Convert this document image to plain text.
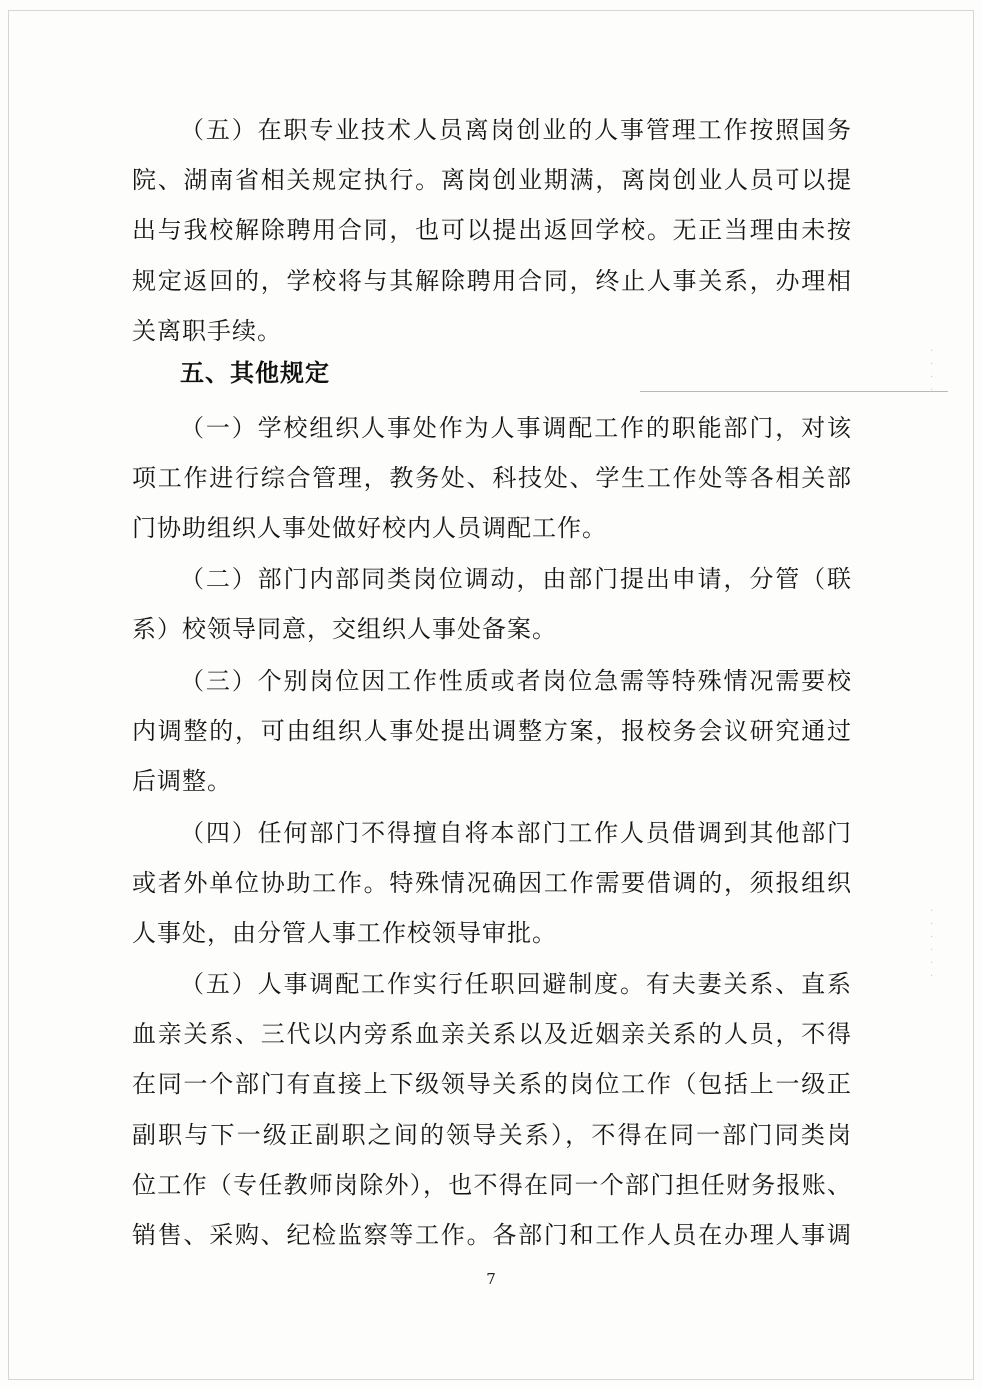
·
·
·
·
·
·
·
·
·
·

（五）在职专业技术人员离岗创业的人事管理工作按照国务

院、湖南省相关规定执行。离岗创业期满，离岗创业人员可以提

出与我校解除聘用合同，也可以提出返回学校。无正当理由未按

规定返回的，学校将与其解除聘用合同，终止人事关系，办理相

关离职手续。

五、其他规定

（一）学校组织人事处作为人事调配工作的职能部门，对该

项工作进行综合管理，教务处、科技处、学生工作处等各相关部

门协助组织人事处做好校内人员调配工作。

（二）部门内部同类岗位调动，由部门提出申请，分管（联

系）校领导同意，交组织人事处备案。

（三）个别岗位因工作性质或者岗位急需等特殊情况需要校

内调整的，可由组织人事处提出调整方案，报校务会议研究通过

后调整。

（四）任何部门不得擅自将本部门工作人员借调到其他部门

或者外单位协助工作。特殊情况确因工作需要借调的，须报组织

人事处，由分管人事工作校领导审批。

（五）人事调配工作实行任职回避制度。有夫妻关系、直系

血亲关系、三代以内旁系血亲关系以及近姻亲关系的人员，不得

在同一个部门有直接上下级领导关系的岗位工作（包括上一级正

副职与下一级正副职之间的领导关系），不得在同一部门同类岗

位工作（专任教师岗除外），也不得在同一个部门担任财务报账、

销售、采购、纪检监察等工作。各部门和工作人员在办理人事调

7
